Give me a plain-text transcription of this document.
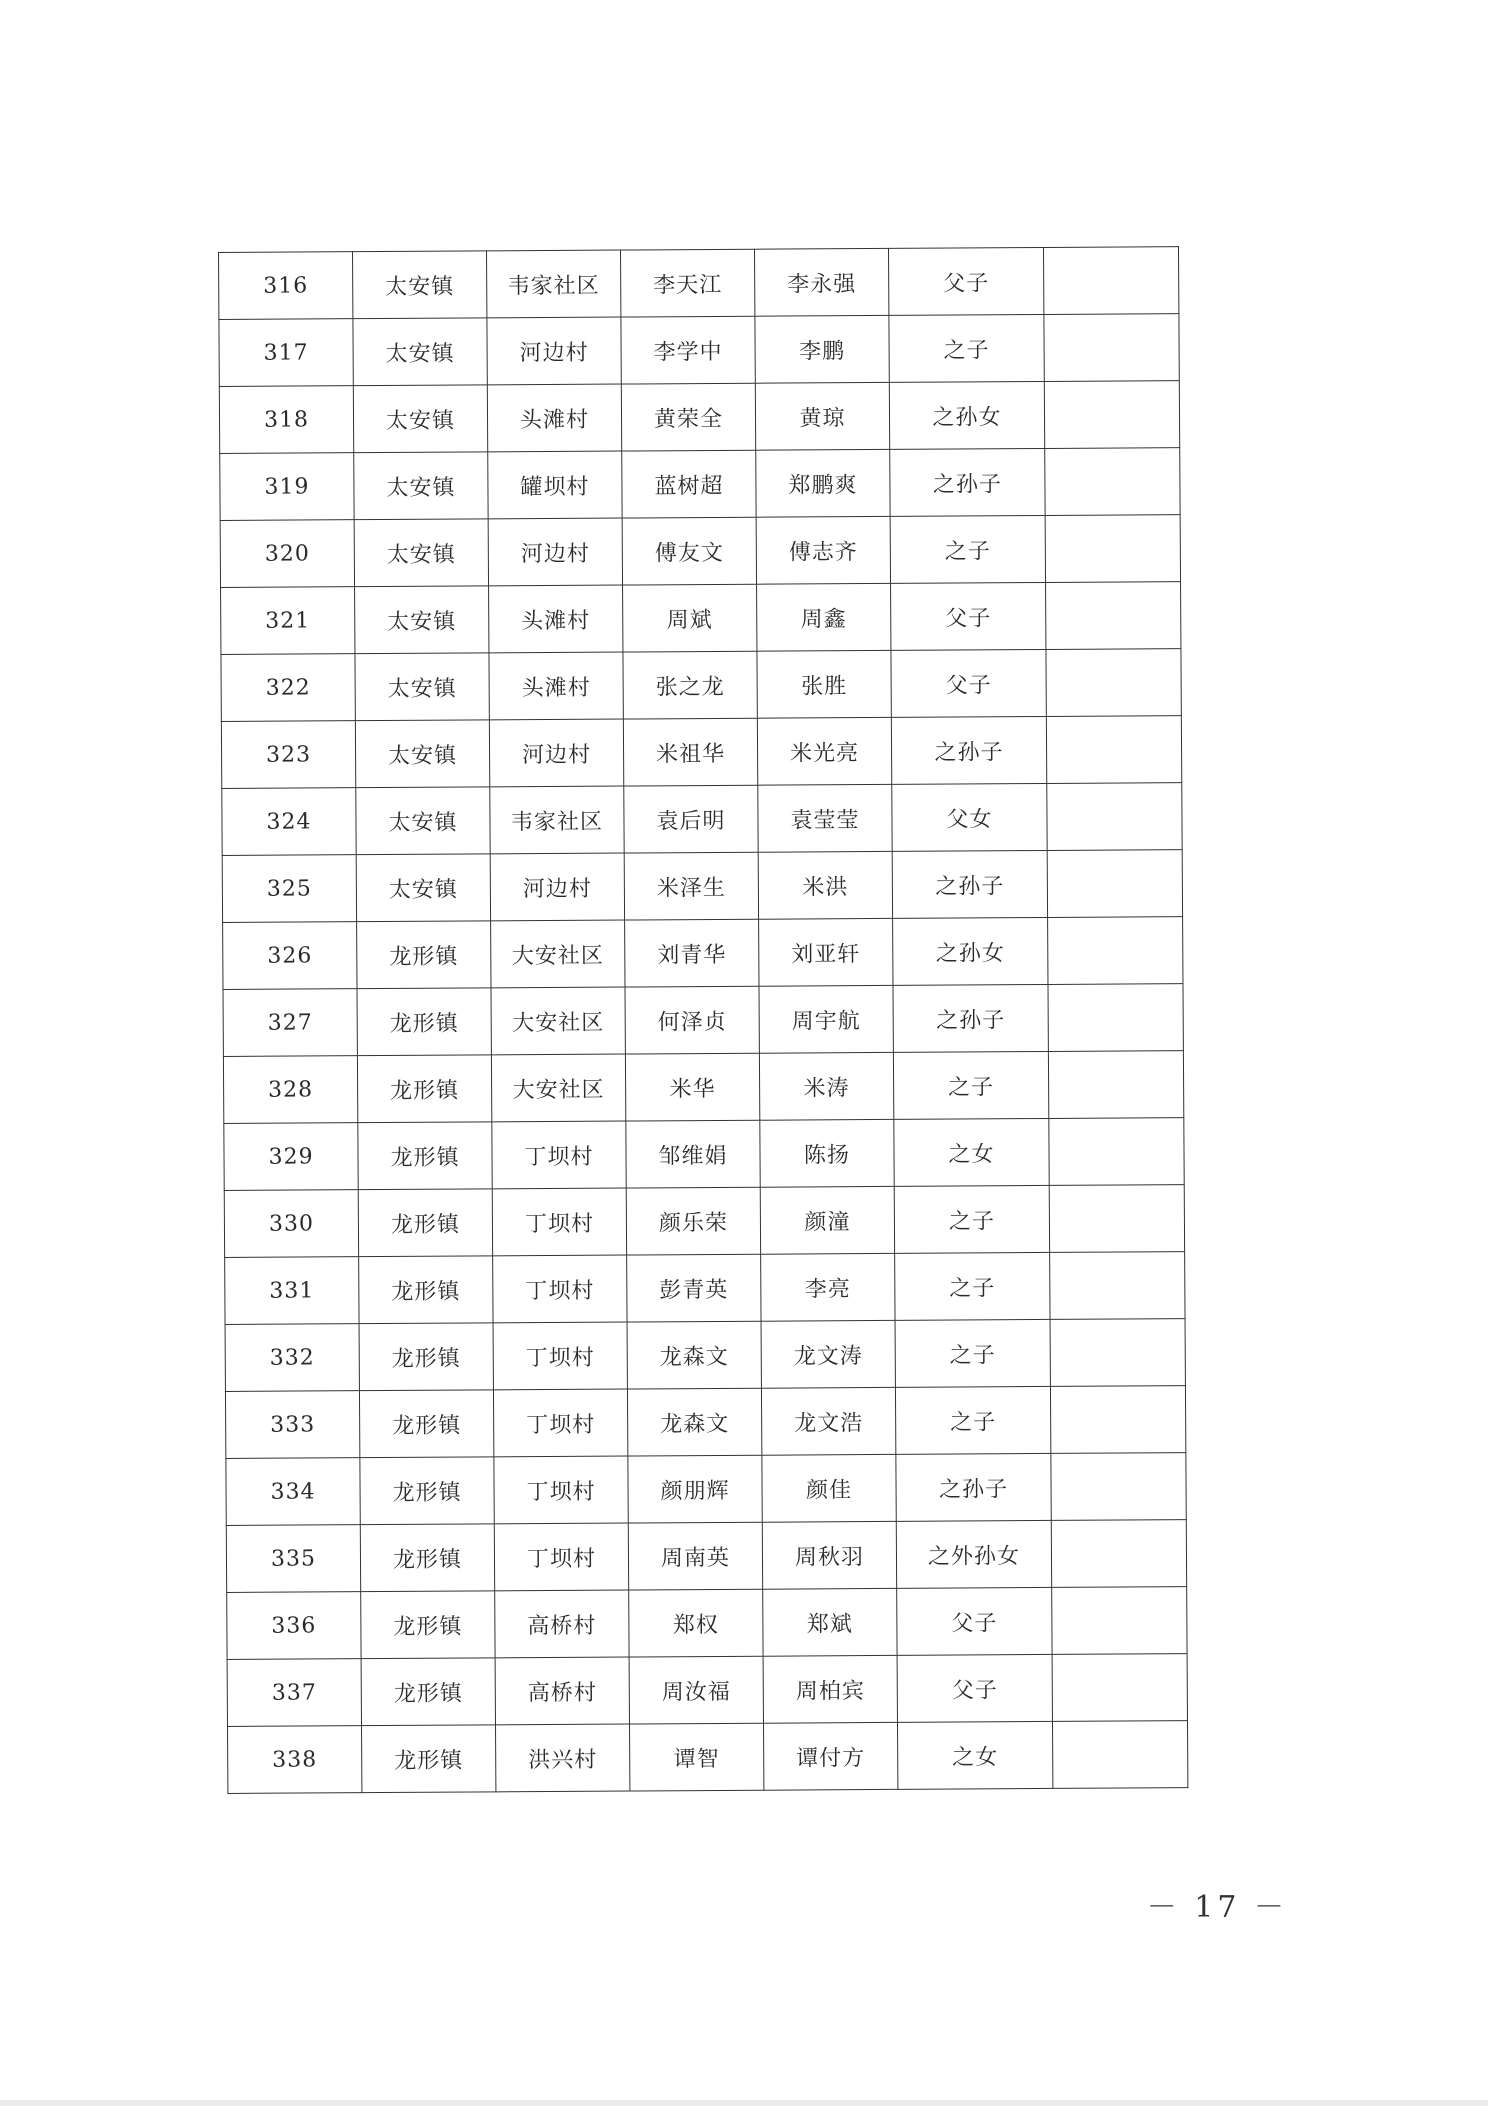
316	太安镇	韦家社区	李天江	李永强	父子	
317	太安镇	河边村	李学中	李鹏	之子	
318	太安镇	头滩村	黄荣全	黄琼	之孙女	
319	太安镇	罐坝村	蓝树超	郑鹏爽	之孙子	
320	太安镇	河边村	傅友文	傅志齐	之子	
321	太安镇	头滩村	周斌	周鑫	父子	
322	太安镇	头滩村	张之龙	张胜	父子	
323	太安镇	河边村	米祖华	米光亮	之孙子	
324	太安镇	韦家社区	袁后明	袁莹莹	父女	
325	太安镇	河边村	米泽生	米洪	之孙子	
326	龙形镇	大安社区	刘青华	刘亚轩	之孙女	
327	龙形镇	大安社区	何泽贞	周宇航	之孙子	
328	龙形镇	大安社区	米华	米涛	之子	
329	龙形镇	丁坝村	邹维娟	陈扬	之女	
330	龙形镇	丁坝村	颜乐荣	颜潼	之子	
331	龙形镇	丁坝村	彭青英	李亮	之子	
332	龙形镇	丁坝村	龙森文	龙文涛	之子	
333	龙形镇	丁坝村	龙森文	龙文浩	之子	
334	龙形镇	丁坝村	颜朋辉	颜佳	之孙子	
335	龙形镇	丁坝村	周南英	周秋羽	之外孙女	
336	龙形镇	高桥村	郑权	郑斌	父子	
337	龙形镇	高桥村	周汝福	周柏宾	父子	
338	龙形镇	洪兴村	谭智	谭付方	之女	
－ 17 －
